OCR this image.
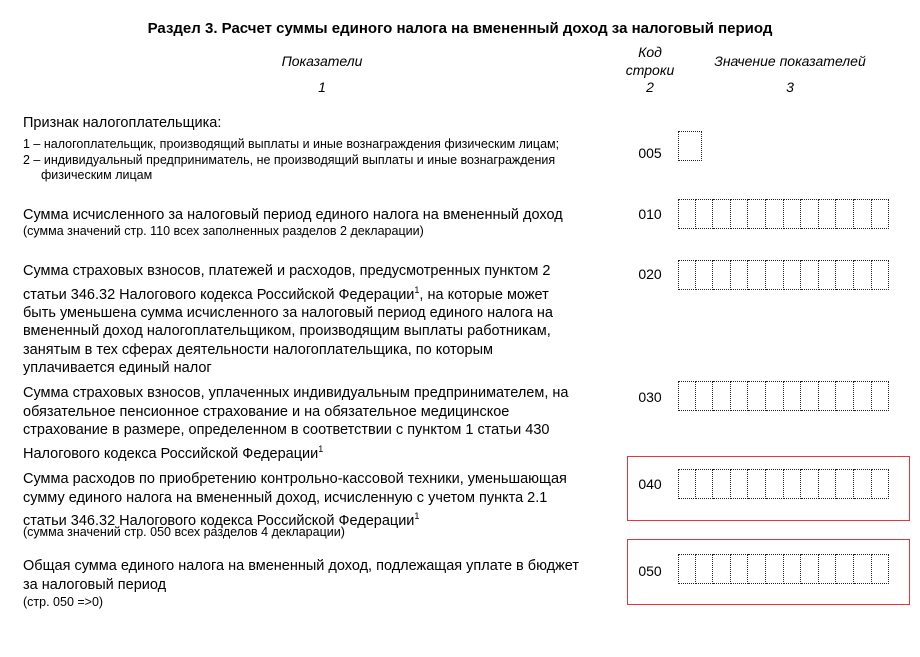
Раздел 3. Расчет суммы единого налога на вмененный доход за налоговый период
Показатели
Код
строки
Значение показателей
1	2	3
Признак налогоплательщика:
1 – налогоплательщик, производящий выплаты и иные вознаграждения физическим лицам;
2 – индивидуальный предприниматель, не производящий выплаты и иные вознаграждения
физическим лицам
005
Сумма исчисленного за налоговый период единого налога на вмененный доход
(сумма значений стр. 110 всех заполненных разделов 2 декларации)
010
Сумма страховых взносов, платежей и расходов, предусмотренных пунктом 2
статьи 346.32 Налогового кодекса Российской Федерации$^1$, на которые может
быть уменьшена сумма исчисленного за налоговый период единого налога на
вмененный доход налогоплательщиком, производящим выплаты работникам,
занятым в тех сферах деятельности налогоплательщика, по которым
уплачивается единый налог
020
Сумма страховых взносов, уплаченных индивидуальным предпринимателем, на
обязательное пенсионное страхование и на обязательное медицинское
страхование в размере, определенном в соответствии с пунктом 1 статьи 430
Налогового кодекса Российской Федерации$^1$
030
Сумма расходов по приобретению контрольно-кассовой техники, уменьшающая
сумму единого налога на вмененный доход, исчисленную с учетом пункта 2.1
статьи 346.32 Налогового кодекса Российской Федерации$^1$
(сумма значений стр. 050 всех разделов 4 декларации)
040
Общая сумма единого налога на вмененный доход, подлежащая уплате в бюджет
за налоговый период
(стр. 050 =>0)
050
